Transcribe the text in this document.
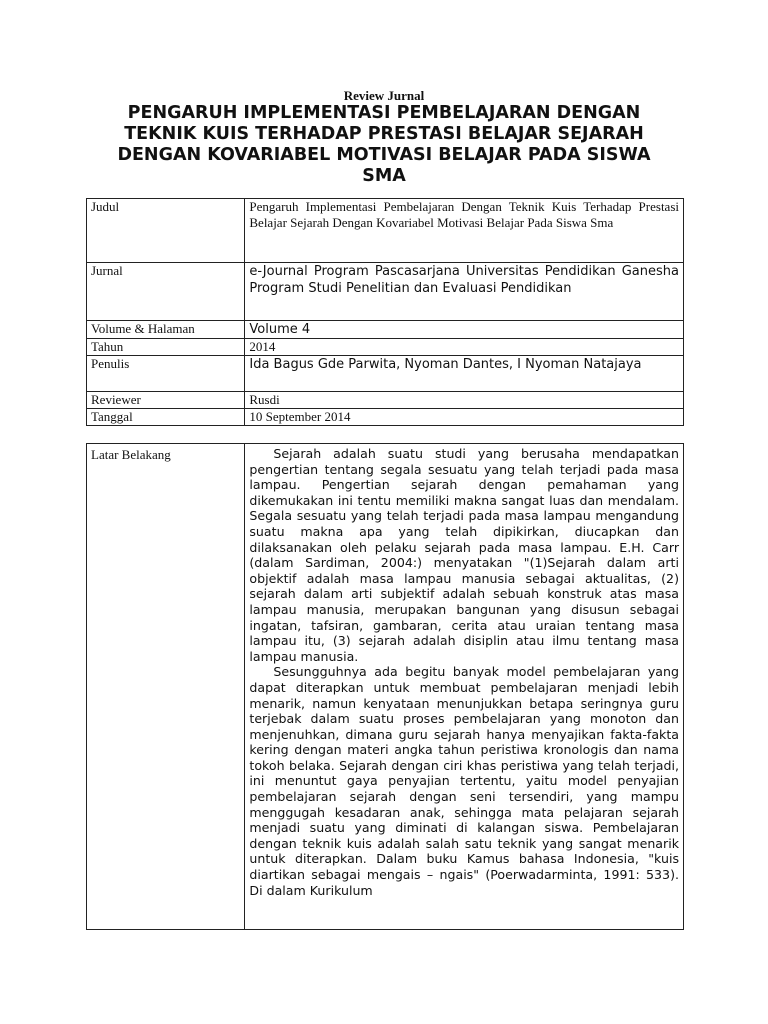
Review Jurnal
PENGARUH IMPLEMENTASI PEMBELAJARAN DENGAN TEKNIK KUIS TERHADAP PRESTASI BELAJAR SEJARAH DENGAN KOVARIABEL MOTIVASI BELAJAR PADA SISWA SMA
Judul	Pengaruh Implementasi Pembelajaran Dengan Teknik Kuis Terhadap Prestasi Belajar Sejarah Dengan Kovariabel Motivasi Belajar Pada Siswa Sma
Jurnal	e-Journal Program Pascasarjana Universitas Pendidikan Ganesha Program Studi Penelitian dan Evaluasi Pendidikan
Volume & Halaman	Volume 4
Tahun	2014
Penulis	Ida Bagus Gde Parwita, Nyoman Dantes, I Nyoman Natajaya
Reviewer	Rusdi
Tanggal	10 September 2014
Latar Belakang	Sejarah adalah suatu studi yang berusaha mendapatkan pengertian tentang segala sesuatu yang telah terjadi pada masa lampau. Pengertian sejarah dengan pemahaman yang dikemukakan ini tentu memiliki makna sangat luas dan mendalam. Segala sesuatu yang telah terjadi pada masa lampau mengandung suatu makna apa yang telah dipikirkan, diucapkan dan dilaksanakan oleh pelaku sejarah pada masa lampau. E.H. Carr (dalam Sardiman, 2004:) menyatakan "(1)Sejarah dalam arti objektif adalah masa lampau manusia sebagai aktualitas, (2) sejarah dalam arti subjektif adalah sebuah konstruk atas masa lampau manusia, merupakan bangunan yang disusun sebagai ingatan, tafsiran, gambaran, cerita atau uraian tentang masa lampau itu, (3) sejarah adalah disiplin atau ilmu tentang masa lampau manusia.

Sesungguhnya ada begitu banyak model pembelajaran yang dapat diterapkan untuk membuat pembelajaran menjadi lebih menarik, namun kenyataan menunjukkan betapa seringnya guru terjebak dalam suatu proses pembelajaran yang monoton dan menjenuhkan, dimana guru sejarah hanya menyajikan fakta-fakta kering dengan materi angka tahun peristiwa kronologis dan nama tokoh belaka. Sejarah dengan ciri khas peristiwa yang telah terjadi, ini menuntut gaya penyajian tertentu, yaitu model penyajian pembelajaran sejarah dengan seni tersendiri, yang mampu menggugah kesadaran anak, sehingga mata pelajaran sejarah menjadi suatu yang diminati di kalangan siswa. Pembelajaran dengan teknik kuis adalah salah satu teknik yang sangat menarik untuk diterapkan. Dalam buku Kamus bahasa Indonesia, "kuis diartikan sebagai mengais – ngais" (Poerwadarminta, 1991: 533). Di dalam Kurikulum
